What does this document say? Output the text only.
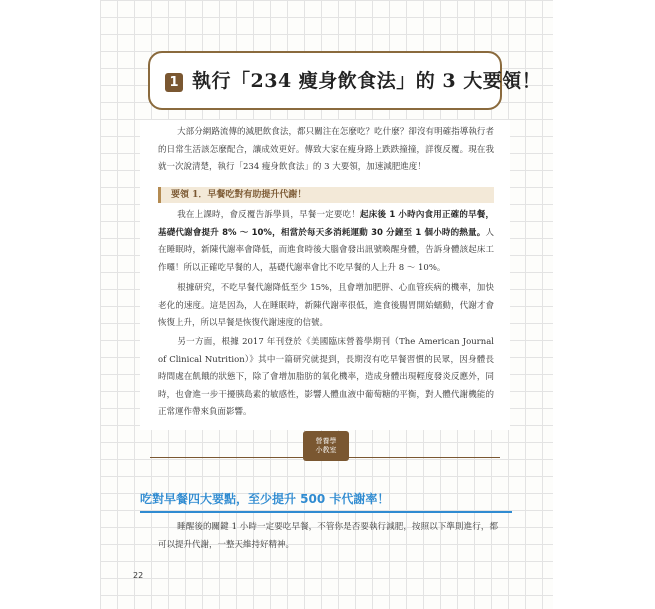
1 執行「234 瘦身飲食法」的 3 大要領！

大部分網路流傳的減肥飲食法，都只關注在怎麼吃？吃什麼？卻沒有明確指導執行者的日常生活該怎麼配合，讓成效更好。傳致大家在瘦身路上跌跌撞撞，詳復反覆。現在我就一次說清楚，執行「234 瘦身飲食法」的 3 大要領，加速減肥進度！

要領 1．早餐吃對有助提升代謝！

我在上課時，會反覆告訴學員，早餐一定要吃！起床後 1 小時內食用正確的早餐，基礎代謝會提升 8% ～ 10%，相當於每天多消耗運動 30 分鐘至 1 個小時的熱量。人在睡眠時，新陳代謝率會降低，而進食時後大腦會發出訊號喚醒身體，告訴身體該起床工作囉！所以正確吃早餐的人，基礎代謝率會比不吃早餐的人上升 8 ～ 10%。

根據研究，不吃早餐代謝降低至少 15%，且會增加肥胖、心血管疾病的機率，加快老化的速度。這是因為，人在睡眠時，新陳代謝率很低，進食後腸胃開始蠕動，代謝才會恢復上升，所以早餐是恢復代謝速度的信號。

另一方面，根據 2017 年刊登於《美國臨床營養學期刊（The American Journal of Clinical Nutrition）》其中一篇研究就提到，長期沒有吃早餐習慣的民眾，因身體長時間處在飢餓的狀態下，除了會增加脂肪的氧化機率，造成身體出現輕度發炎反應外，同時，也會進一步干擾胰島素的敏感性，影響人體血液中葡萄糖的平衡，對人體代謝機能的正常運作帶來負面影響。

營養學
小教室
吃對早餐四大要點，至少提升 500 卡代謝率！

睡醒後的關鍵 1 小時一定要吃早餐，不管你是否要執行減肥，按照以下準則進行，都可以提升代謝，一整天維持好精神。

22
